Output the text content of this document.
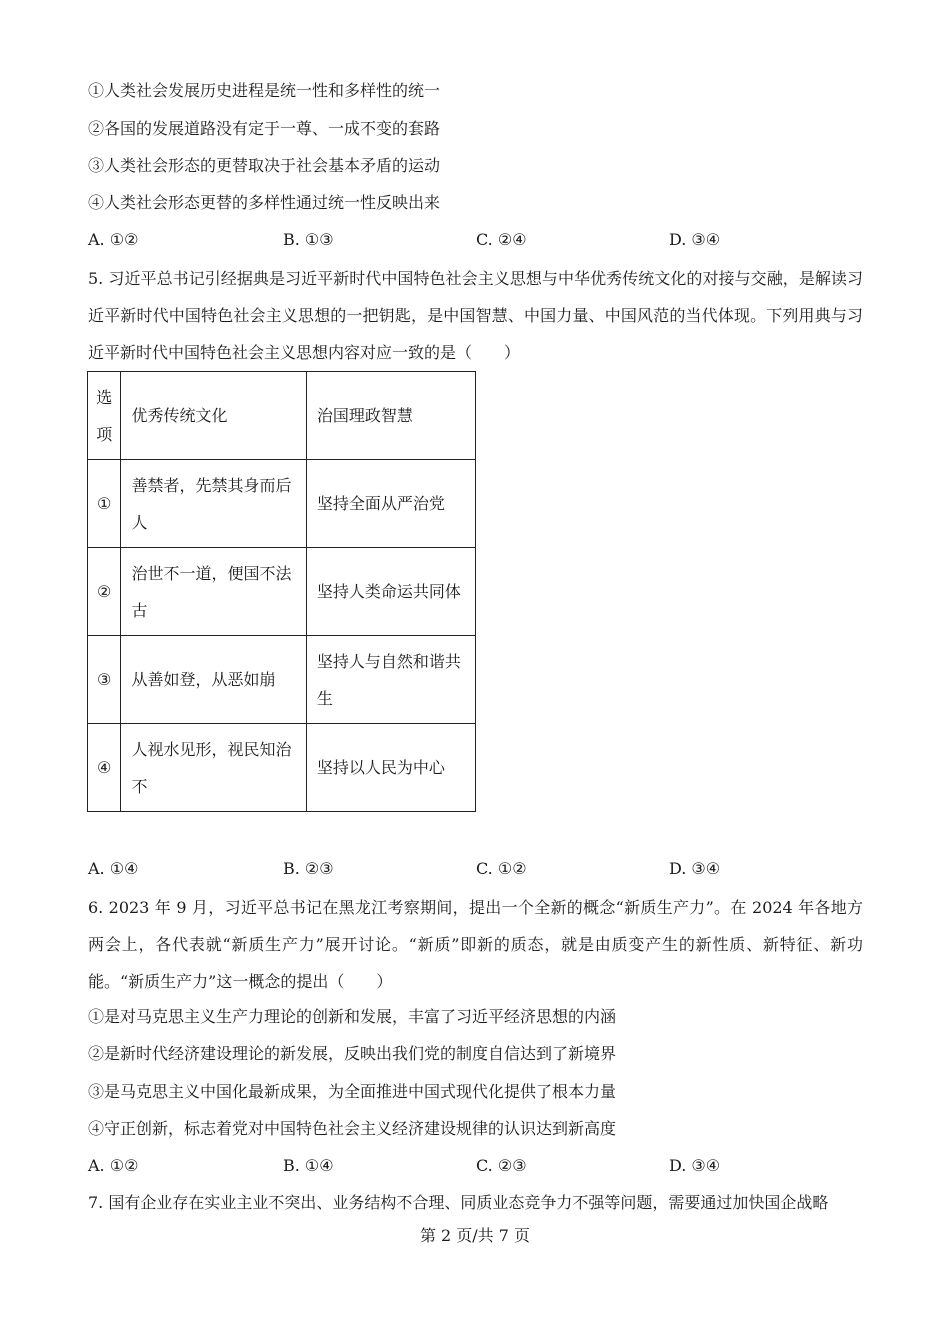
①人类社会发展历史进程是统一性和多样性的统一
②各国的发展道路没有定于一尊、一成不变的套路
③人类社会形态的更替取决于社会基本矛盾的运动
④人类社会形态更替的多样性通过统一性反映出来
A. ①②	B. ①③	C. ②④	D. ③④
5. 习近平总书记引经据典是习近平新时代中国特色社会主义思想与中华优秀传统文化的对接与交融，是解读习近平新时代中国特色社会主义思想的一把钥匙，是中国智慧、中国力量、中国风范的当代体现。下列用典与习近平新时代中国特色社会主义思想内容对应一致的是（　　）
选项	优秀传统文化	治国理政智慧
①	善禁者，先禁其身而后人	坚持全面从严治党
②	治世不一道，便国不法古	坚持人类命运共同体
③	从善如登，从恶如崩	坚持人与自然和谐共生
④	人视水见形，视民知治不	坚持以人民为中心
A. ①④	B. ②③	C. ①②	D. ③④
6. 2023 年 9 月，习近平总书记在黑龙江考察期间，提出一个全新的概念“新质生产力”。在 2024 年各地方两会上，各代表就“新质生产力”展开讨论。“新质”即新的质态，就是由质变产生的新性质、新特征、新功能。“新质生产力”这一概念的提出（　　）
①是对马克思主义生产力理论的创新和发展，丰富了习近平经济思想的内涵
②是新时代经济建设理论的新发展，反映出我们党的制度自信达到了新境界
③是马克思主义中国化最新成果，为全面推进中国式现代化提供了根本力量
④守正创新，标志着党对中国特色社会主义经济建设规律的认识达到新高度
A. ①②	B. ①④	C. ②③	D. ③④
7. 国有企业存在实业主业不突出、业务结构不合理、同质业态竞争力不强等问题，需要通过加快国企战略
第 2 页/共 7 页
